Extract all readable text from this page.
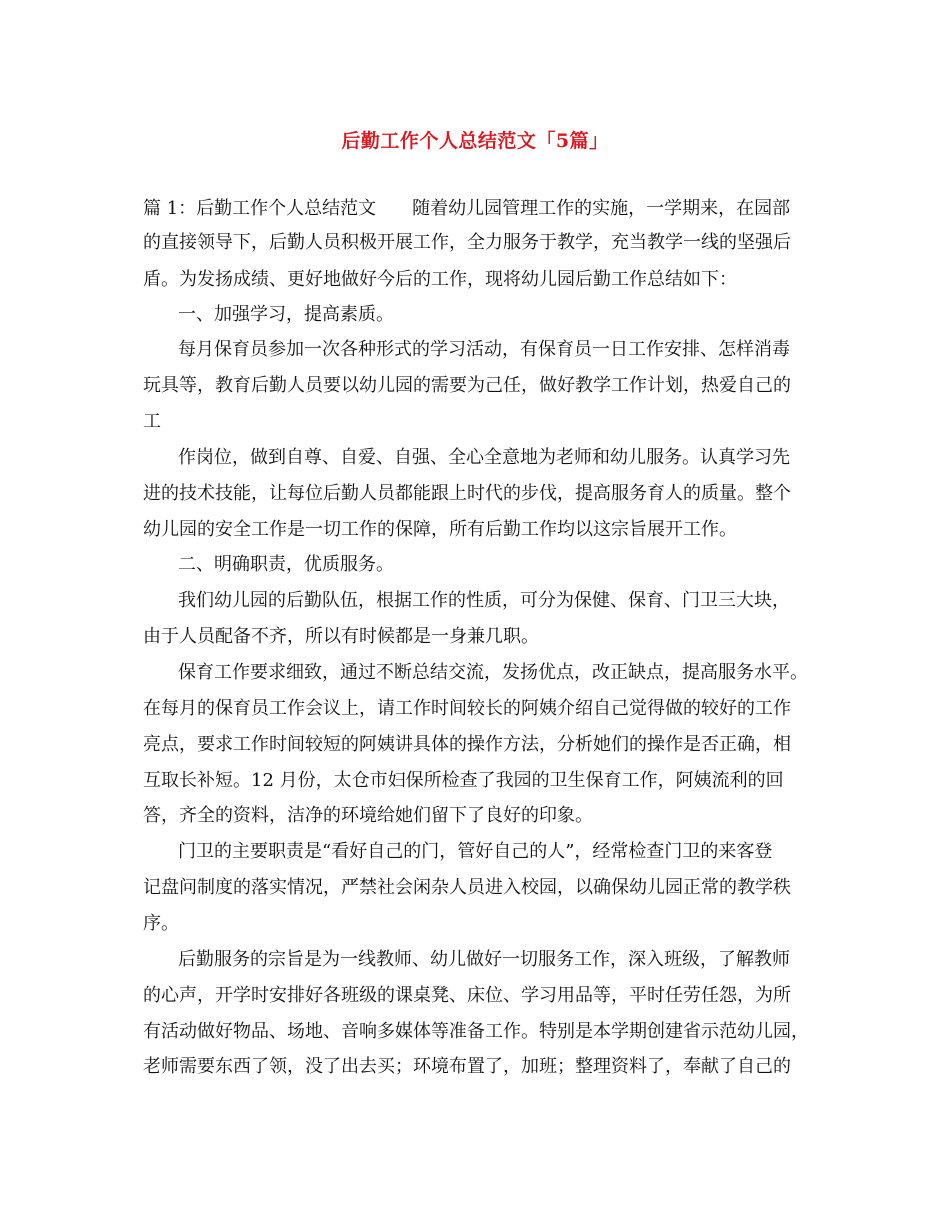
后勤工作个人总结范文「5篇」
篇 1：后勤工作个人总结范文　　随着幼儿园管理工作的实施，一学期来，在园部
的直接领导下，后勤人员积极开展工作，全力服务于教学，充当教学一线的坚强后
盾。为发扬成绩、更好地做好今后的工作，现将幼儿园后勤工作总结如下：
一、加强学习，提高素质。
每月保育员参加一次各种形式的学习活动，有保育员一日工作安排、怎样消毒
玩具等，教育后勤人员要以幼儿园的需要为己任，做好教学工作计划，热爱自己的
工
作岗位，做到自尊、自爱、自强、全心全意地为老师和幼儿服务。认真学习先
进的技术技能，让每位后勤人员都能跟上时代的步伐，提高服务育人的质量。整个
幼儿园的安全工作是一切工作的保障，所有后勤工作均以这宗旨展开工作。
二、明确职责，优质服务。
我们幼儿园的后勤队伍，根据工作的性质，可分为保健、保育、门卫三大块，
由于人员配备不齐，所以有时候都是一身兼几职。
保育工作要求细致，通过不断总结交流，发扬优点，改正缺点，提高服务水平。
在每月的保育员工作会议上，请工作时间较长的阿姨介绍自己觉得做的较好的工作
亮点，要求工作时间较短的阿姨讲具体的操作方法，分析她们的操作是否正确，相
互取长补短。12 月份，太仓市妇保所检查了我园的卫生保育工作，阿姨流利的回
答，齐全的资料，洁净的环境给她们留下了良好的印象。
门卫的主要职责是“看好自己的门，管好自己的人”，经常检查门卫的来客登
记盘问制度的落实情况，严禁社会闲杂人员进入校园，以确保幼儿园正常的教学秩
序。
后勤服务的宗旨是为一线教师、幼儿做好一切服务工作，深入班级，了解教师
的心声，开学时安排好各班级的课桌凳、床位、学习用品等，平时任劳任怨，为所
有活动做好物品、场地、音响多媒体等准备工作。特别是本学期创建省示范幼儿园，
老师需要东西了领，没了出去买；环境布置了，加班；整理资料了，奉献了自己的
